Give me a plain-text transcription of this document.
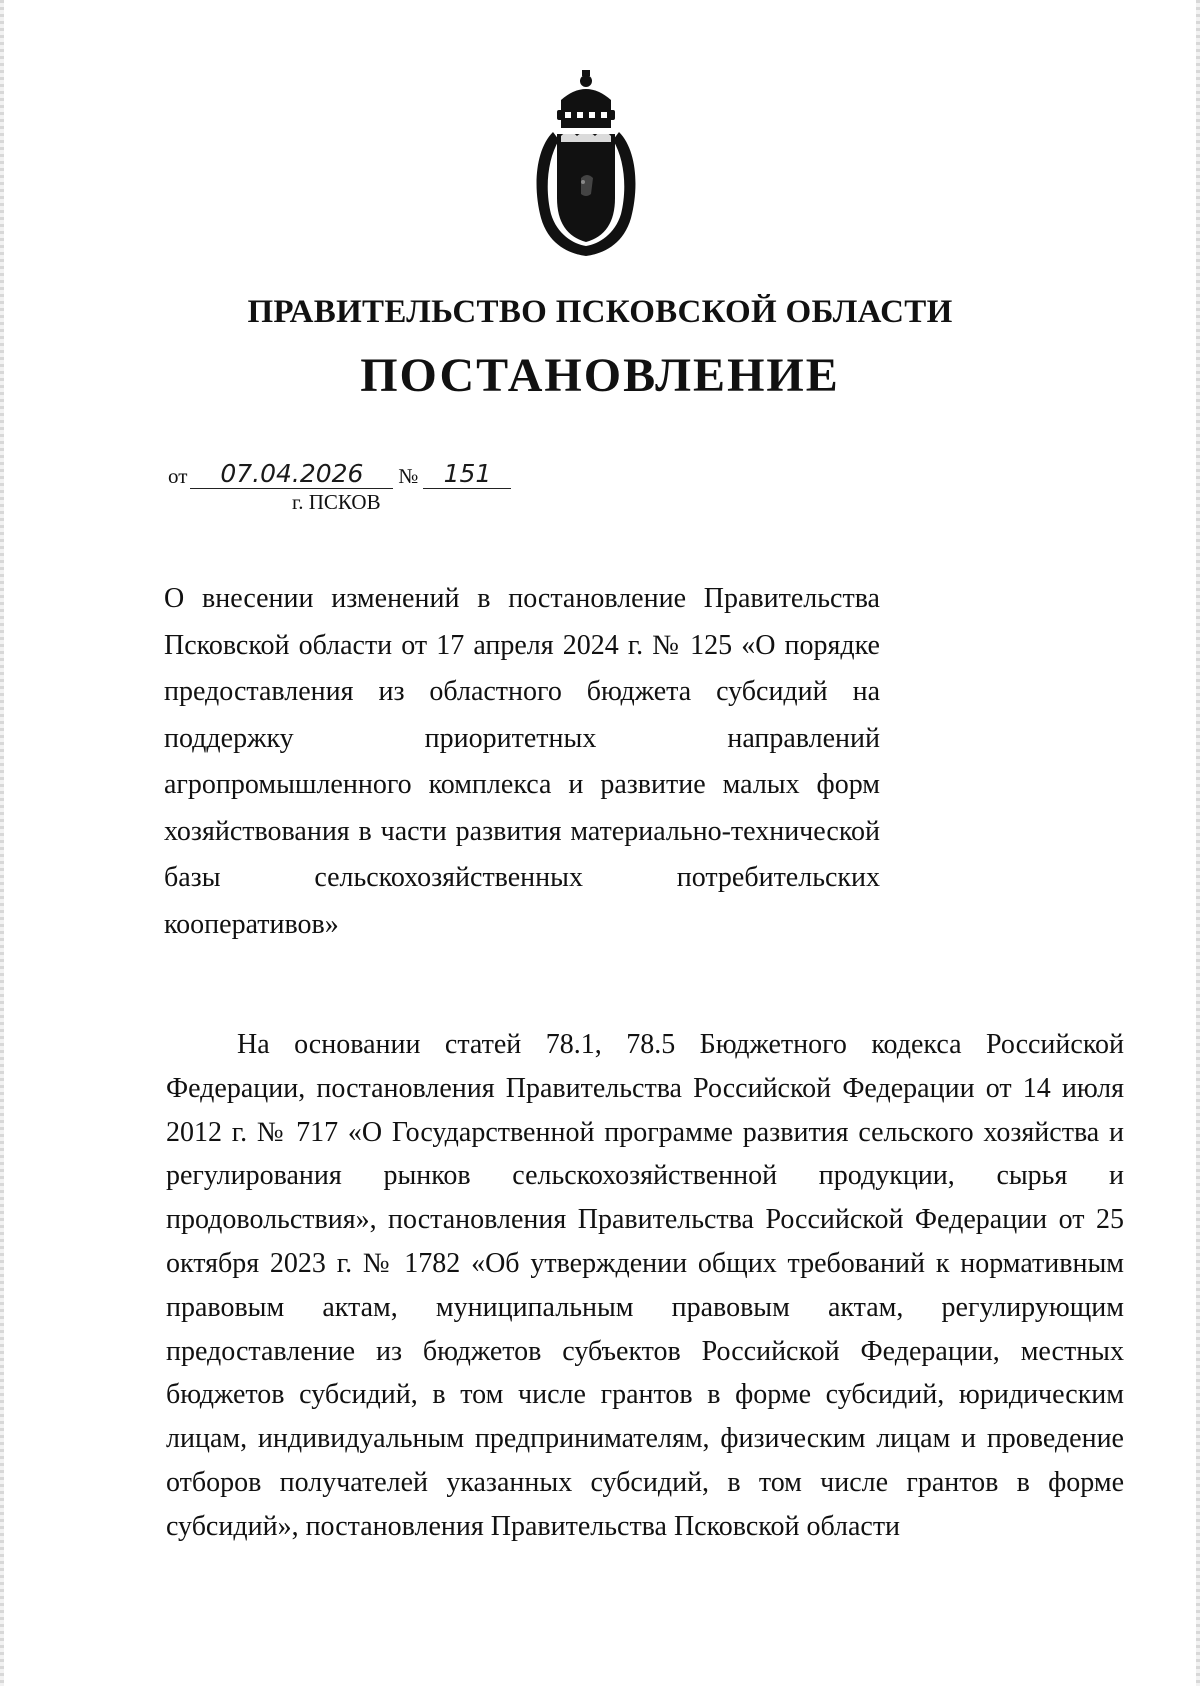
ПРАВИТЕЛЬСТВО ПСКОВСКОЙ ОБЛАСТИ
ПОСТАНОВЛЕНИЕ
от 07.04.2026 № 151
г. ПСКОВ
О внесении изменений в постановление Правительства Псковской области от 17 апреля 2024 г. № 125 «О порядке предоставления из областного бюджета субсидий на поддержку приоритетных направлений агропромышленного комплекса и развитие малых форм хозяйствования в части развития материально-технической базы сельскохозяйственных потребительских кооперативов»
На основании статей 78.1, 78.5 Бюджетного кодекса Российской Федерации, постановления Правительства Российской Федерации от 14 июля 2012 г. № 717 «О Государственной программе развития сельского хозяйства и регулирования рынков сельскохозяйственной продукции, сырья и продовольствия», постановления Правительства Российской Федерации от 25 октября 2023 г. № 1782 «Об утверждении общих требований к нормативным правовым актам, муниципальным правовым актам, регулирующим предоставление из бюджетов субъектов Российской Федерации, местных бюджетов субсидий, в том числе грантов в форме субсидий, юридическим лицам, индивидуальным предпринимателям, физическим лицам и проведение отборов получателей указанных субсидий, в том числе грантов в форме субсидий», постановления Правительства Псковской области
